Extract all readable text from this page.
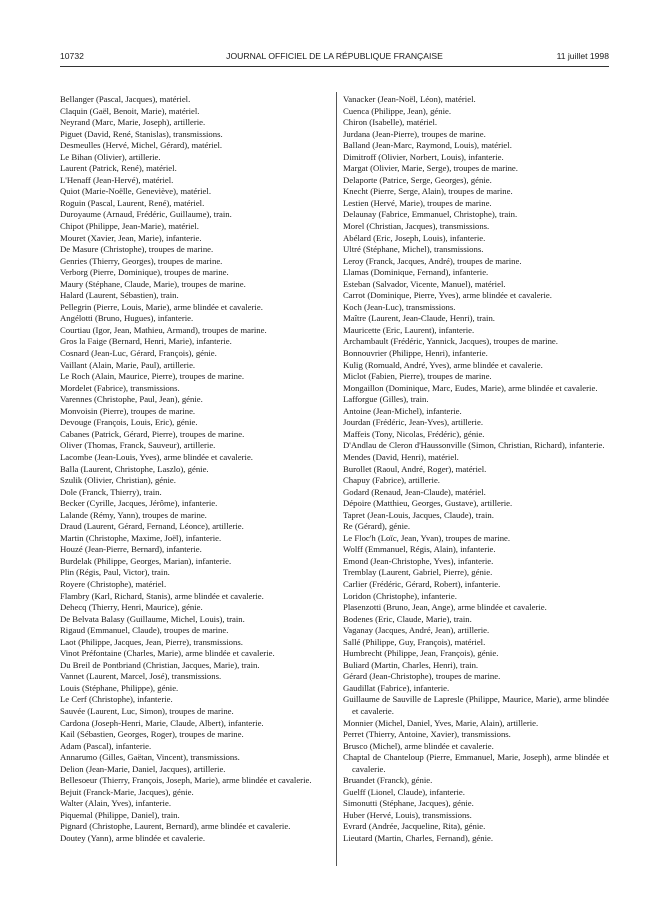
10732	JOURNAL OFFICIEL DE LA RÉPUBLIQUE FRANÇAISE	11 juillet 1998

Bellanger (Pascal, Jacques), matériel.

Claquin (Gaël, Benoit, Marie), matériel.

Neyrand (Marc, Marie, Joseph), artillerie.

Piguet (David, René, Stanislas), transmissions.

Desmeulles (Hervé, Michel, Gérard), matériel.

Le Bihan (Olivier), artillerie.

Laurent (Patrick, René), matériel.

L'Henaff (Jean-Hervé), matériel.

Quiot (Marie-Noëlle, Geneviève), matériel.

Roguin (Pascal, Laurent, René), matériel.

Duroyaume (Arnaud, Frédéric, Guillaume), train.

Chipot (Philippe, Jean-Marie), matériel.

Mouret (Xavier, Jean, Marie), infanterie.

De Masure (Christophe), troupes de marine.

Genries (Thierry, Georges), troupes de marine.

Verborg (Pierre, Dominique), troupes de marine.

Maury (Stéphane, Claude, Marie), troupes de marine.

Halard (Laurent, Sébastien), train.

Pellegrin (Pierre, Louis, Marie), arme blindée et cavalerie.

Angélotti (Bruno, Hugues), infanterie.

Courtiau (Igor, Jean, Mathieu, Armand), troupes de marine.

Gros la Faige (Bernard, Henri, Marie), infanterie.

Cosnard (Jean-Luc, Gérard, François), génie.

Vaillant (Alain, Marie, Paul), artillerie.

Le Roch (Alain, Maurice, Pierre), troupes de marine.

Mordelet (Fabrice), transmissions.

Varennes (Christophe, Paul, Jean), génie.

Monvoisin (Pierre), troupes de marine.

Devouge (François, Louis, Eric), génie.

Cabanes (Patrick, Gérard, Pierre), troupes de marine.

Oliver (Thomas, Franck, Sauveur), artillerie.

Lacombe (Jean-Louis, Yves), arme blindée et cavalerie.

Balla (Laurent, Christophe, Laszlo), génie.

Szulik (Olivier, Christian), génie.

Dole (Franck, Thierry), train.

Becker (Cyrille, Jacques, Jérôme), infanterie.

Lalande (Rémy, Yann), troupes de marine.

Draud (Laurent, Gérard, Fernand, Léonce), artillerie.

Martin (Christophe, Maxime, Joël), infanterie.

Houzé (Jean-Pierre, Bernard), infanterie.

Burdelak (Philippe, Georges, Marian), infanterie.

Plin (Régis, Paul, Victor), train.

Royere (Christophe), matériel.

Flambry (Karl, Richard, Stanis), arme blindée et cavalerie.

Dehecq (Thierry, Henri, Maurice), génie.

De Belvata Balasy (Guillaume, Michel, Louis), train.

Rigaud (Emmanuel, Claude), troupes de marine.

Laot (Philippe, Jacques, Jean, Pierre), transmissions.

Vinot Préfontaine (Charles, Marie), arme blindée et cavalerie.

Du Breil de Pontbriand (Christian, Jacques, Marie), train.

Vannet (Laurent, Marcel, José), transmissions.

Louis (Stéphane, Philippe), génie.

Le Cerf (Christophe), infanterie.

Sauvée (Laurent, Luc, Simon), troupes de marine.

Cardona (Joseph-Henri, Marie, Claude, Albert), infanterie.

Kail (Sébastien, Georges, Roger), troupes de marine.

Adam (Pascal), infanterie.

Annarumo (Gilles, Gaëtan, Vincent), transmissions.

Delion (Jean-Marie, Daniel, Jacques), artillerie.

Bellesoeur (Thierry, François, Joseph, Marie), arme blindée et cavalerie.

Bejuit (Franck-Marie, Jacques), génie.

Walter (Alain, Yves), infanterie.

Piquemal (Philippe, Daniel), train.

Pignard (Christophe, Laurent, Bernard), arme blindée et cavalerie.

Doutey (Yann), arme blindée et cavalerie.

Vanacker (Jean-Noël, Léon), matériel.

Cuenca (Philippe, Jean), génie.

Chiron (Isabelle), matériel.

Jurdana (Jean-Pierre), troupes de marine.

Balland (Jean-Marc, Raymond, Louis), matériel.

Dimitroff (Olivier, Norbert, Louis), infanterie.

Margat (Olivier, Marie, Serge), troupes de marine.

Delaporte (Patrice, Serge, Georges), génie.

Knecht (Pierre, Serge, Alain), troupes de marine.

Lestien (Hervé, Marie), troupes de marine.

Delaunay (Fabrice, Emmanuel, Christophe), train.

Morel (Christian, Jacques), transmissions.

Abélard (Eric, Joseph, Louis), infanterie.

Ultré (Stéphane, Michel), transmissions.

Leroy (Franck, Jacques, André), troupes de marine.

Llamas (Dominique, Fernand), infanterie.

Esteban (Salvador, Vicente, Manuel), matériel.

Carrot (Dominique, Pierre, Yves), arme blindée et cavalerie.

Koch (Jean-Luc), transmissions.

Maître (Laurent, Jean-Claude, Henri), train.

Mauricette (Eric, Laurent), infanterie.

Archambault (Frédéric, Yannick, Jacques), troupes de marine.

Bonnouvrier (Philippe, Henri), infanterie.

Kulig (Romuald, André, Yves), arme blindée et cavalerie.

Miclot (Fabien, Pierre), troupes de marine.

Mongaillon (Dominique, Marc, Eudes, Marie), arme blindée et cavalerie.

Lafforgue (Gilles), train.

Antoine (Jean-Michel), infanterie.

Jourdan (Frédéric, Jean-Yves), artillerie.

Maffeis (Tony, Nicolas, Frédéric), génie.

D'Andlau de Cleron d'Haussonville (Simon, Christian, Richard), infanterie.

Mendes (David, Henri), matériel.

Burollet (Raoul, André, Roger), matériel.

Chapuy (Fabrice), artillerie.

Godard (Renaud, Jean-Claude), matériel.

Dépoire (Matthieu, Georges, Gustave), artillerie.

Tapret (Jean-Louis, Jacques, Claude), train.

Re (Gérard), génie.

Le Floc'h (Loïc, Jean, Yvan), troupes de marine.

Wolff (Emmanuel, Régis, Alain), infanterie.

Emond (Jean-Christophe, Yves), infanterie.

Tremblay (Laurent, Gabriel, Pierre), génie.

Carlier (Frédéric, Gérard, Robert), infanterie.

Loridon (Christophe), infanterie.

Plasenzotti (Bruno, Jean, Ange), arme blindée et cavalerie.

Bodenes (Eric, Claude, Marie), train.

Vaganay (Jacques, André, Jean), artillerie.

Sallé (Philippe, Guy, François), matériel.

Humbrecht (Philippe, Jean, François), génie.

Buliard (Martin, Charles, Henri), train.

Gérard (Jean-Christophe), troupes de marine.

Gaudillat (Fabrice), infanterie.

Guillaume de Sauville de Lapresle (Philippe, Maurice, Marie), arme blindée et cavalerie.

Monnier (Michel, Daniel, Yves, Marie, Alain), artillerie.

Perret (Thierry, Antoine, Xavier), transmissions.

Brusco (Michel), arme blindée et cavalerie.

Chaptal de Chanteloup (Pierre, Emmanuel, Marie, Joseph), arme blindée et cavalerie.

Bruandet (Franck), génie.

Guelff (Lionel, Claude), infanterie.

Simonutti (Stéphane, Jacques), génie.

Huber (Hervé, Louis), transmissions.

Evrard (Andrée, Jacqueline, Rita), génie.

Lieutard (Martin, Charles, Fernand), génie.
